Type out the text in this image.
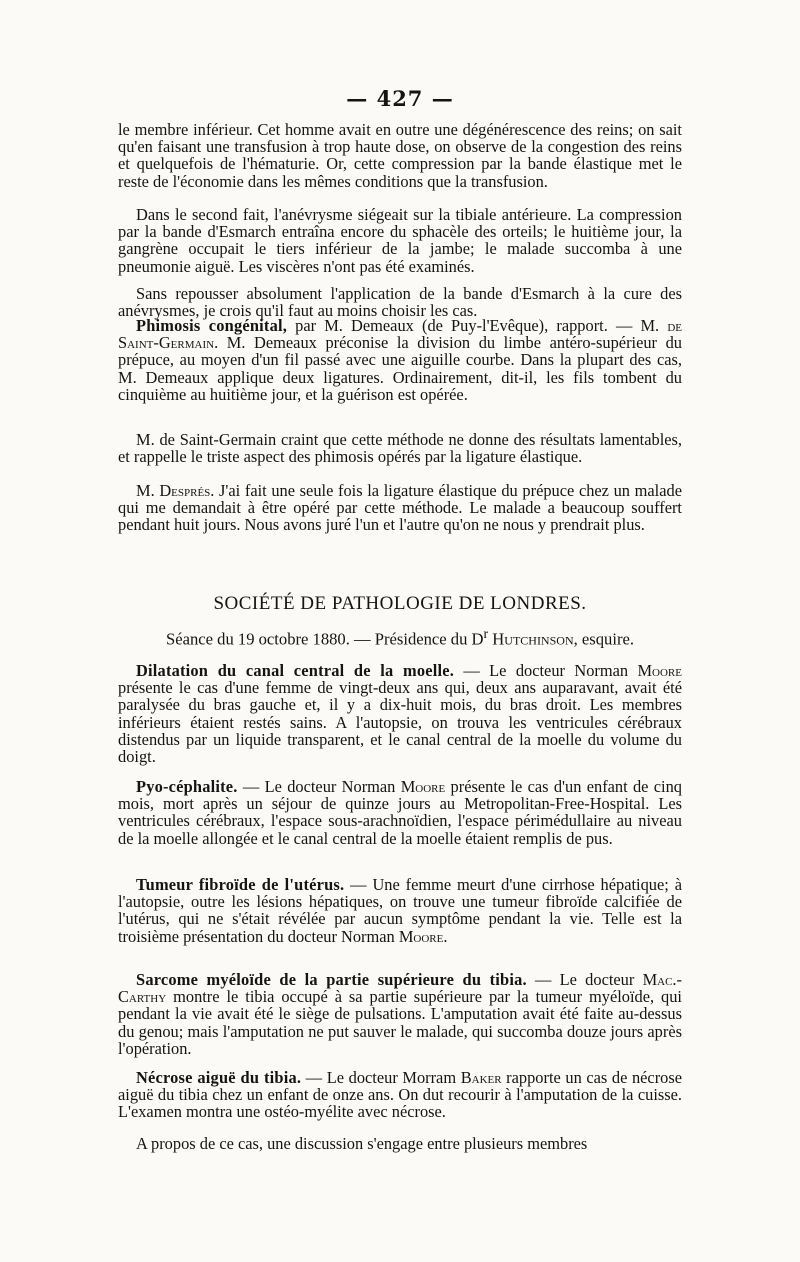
— 427 —

le membre inférieur. Cet homme avait en outre une dégénérescence des reins; on sait qu'en faisant une transfusion à trop haute dose, on observe de la congestion des reins et quelquefois de l'hématurie. Or, cette compression par la bande élastique met le reste de l'économie dans les mêmes conditions que la transfusion.

Dans le second fait, l'anévrysme siégeait sur la tibiale antérieure. La compression par la bande d'Esmarch entraîna encore du sphacèle des orteils; le huitième jour, la gangrène occupait le tiers inférieur de la jambe; le malade succomba à une pneumonie aiguë. Les viscères n'ont pas été examinés.

Sans repousser absolument l'application de la bande d'Esmarch à la cure des anévrysmes, je crois qu'il faut au moins choisir les cas.

Phimosis congénital, par M. Demeaux (de Puy-l'Evêque), rapport. — M. de Saint-Germain. M. Demeaux préconise la division du limbe antéro-supérieur du prépuce, au moyen d'un fil passé avec une aiguille courbe. Dans la plupart des cas, M. Demeaux applique deux ligatures. Ordinairement, dit-il, les fils tombent du cinquième au huitième jour, et la guérison est opérée.

M. de Saint-Germain craint que cette méthode ne donne des résultats lamentables, et rappelle le triste aspect des phimosis opérés par la ligature élastique.

M. Després. J'ai fait une seule fois la ligature élastique du prépuce chez un malade qui me demandait à être opéré par cette méthode. Le malade a beaucoup souffert pendant huit jours. Nous avons juré l'un et l'autre qu'on ne nous y prendrait plus.

SOCIÉTÉ DE PATHOLOGIE DE LONDRES.
Séance du 19 octobre 1880. — Présidence du $D^r$ Hutchinson, esquire.

Dilatation du canal central de la moelle. — Le docteur Norman Moore présente le cas d'une femme de vingt-deux ans qui, deux ans auparavant, avait été paralysée du bras gauche et, il y a dix-huit mois, du bras droit. Les membres inférieurs étaient restés sains. A l'autopsie, on trouva les ventricules cérébraux distendus par un liquide transparent, et le canal central de la moelle du volume du doigt.

Pyo-céphalite. — Le docteur Norman Moore présente le cas d'un enfant de cinq mois, mort après un séjour de quinze jours au Metropolitan-Free-Hospital. Les ventricules cérébraux, l'espace sous-arachnoïdien, l'espace périmédullaire au niveau de la moelle allongée et le canal central de la moelle étaient remplis de pus.

Tumeur fibroïde de l'utérus. — Une femme meurt d'une cirrhose hépatique; à l'autopsie, outre les lésions hépatiques, on trouve une tumeur fibroïde calcifiée de l'utérus, qui ne s'était révélée par aucun symptôme pendant la vie. Telle est la troisième présentation du docteur Norman Moore.

Sarcome myéloïde de la partie supérieure du tibia. — Le docteur Mac.-Carthy montre le tibia occupé à sa partie supérieure par la tumeur myéloïde, qui pendant la vie avait été le siège de pulsations. L'amputation avait été faite au-dessus du genou; mais l'amputation ne put sauver le malade, qui succomba douze jours après l'opération.

Nécrose aiguë du tibia. — Le docteur Morram Baker rapporte un cas de nécrose aiguë du tibia chez un enfant de onze ans. On dut recourir à l'amputation de la cuisse. L'examen montra une ostéo-myélite avec nécrose.

A propos de ce cas, une discussion s'engage entre plusieurs membres
